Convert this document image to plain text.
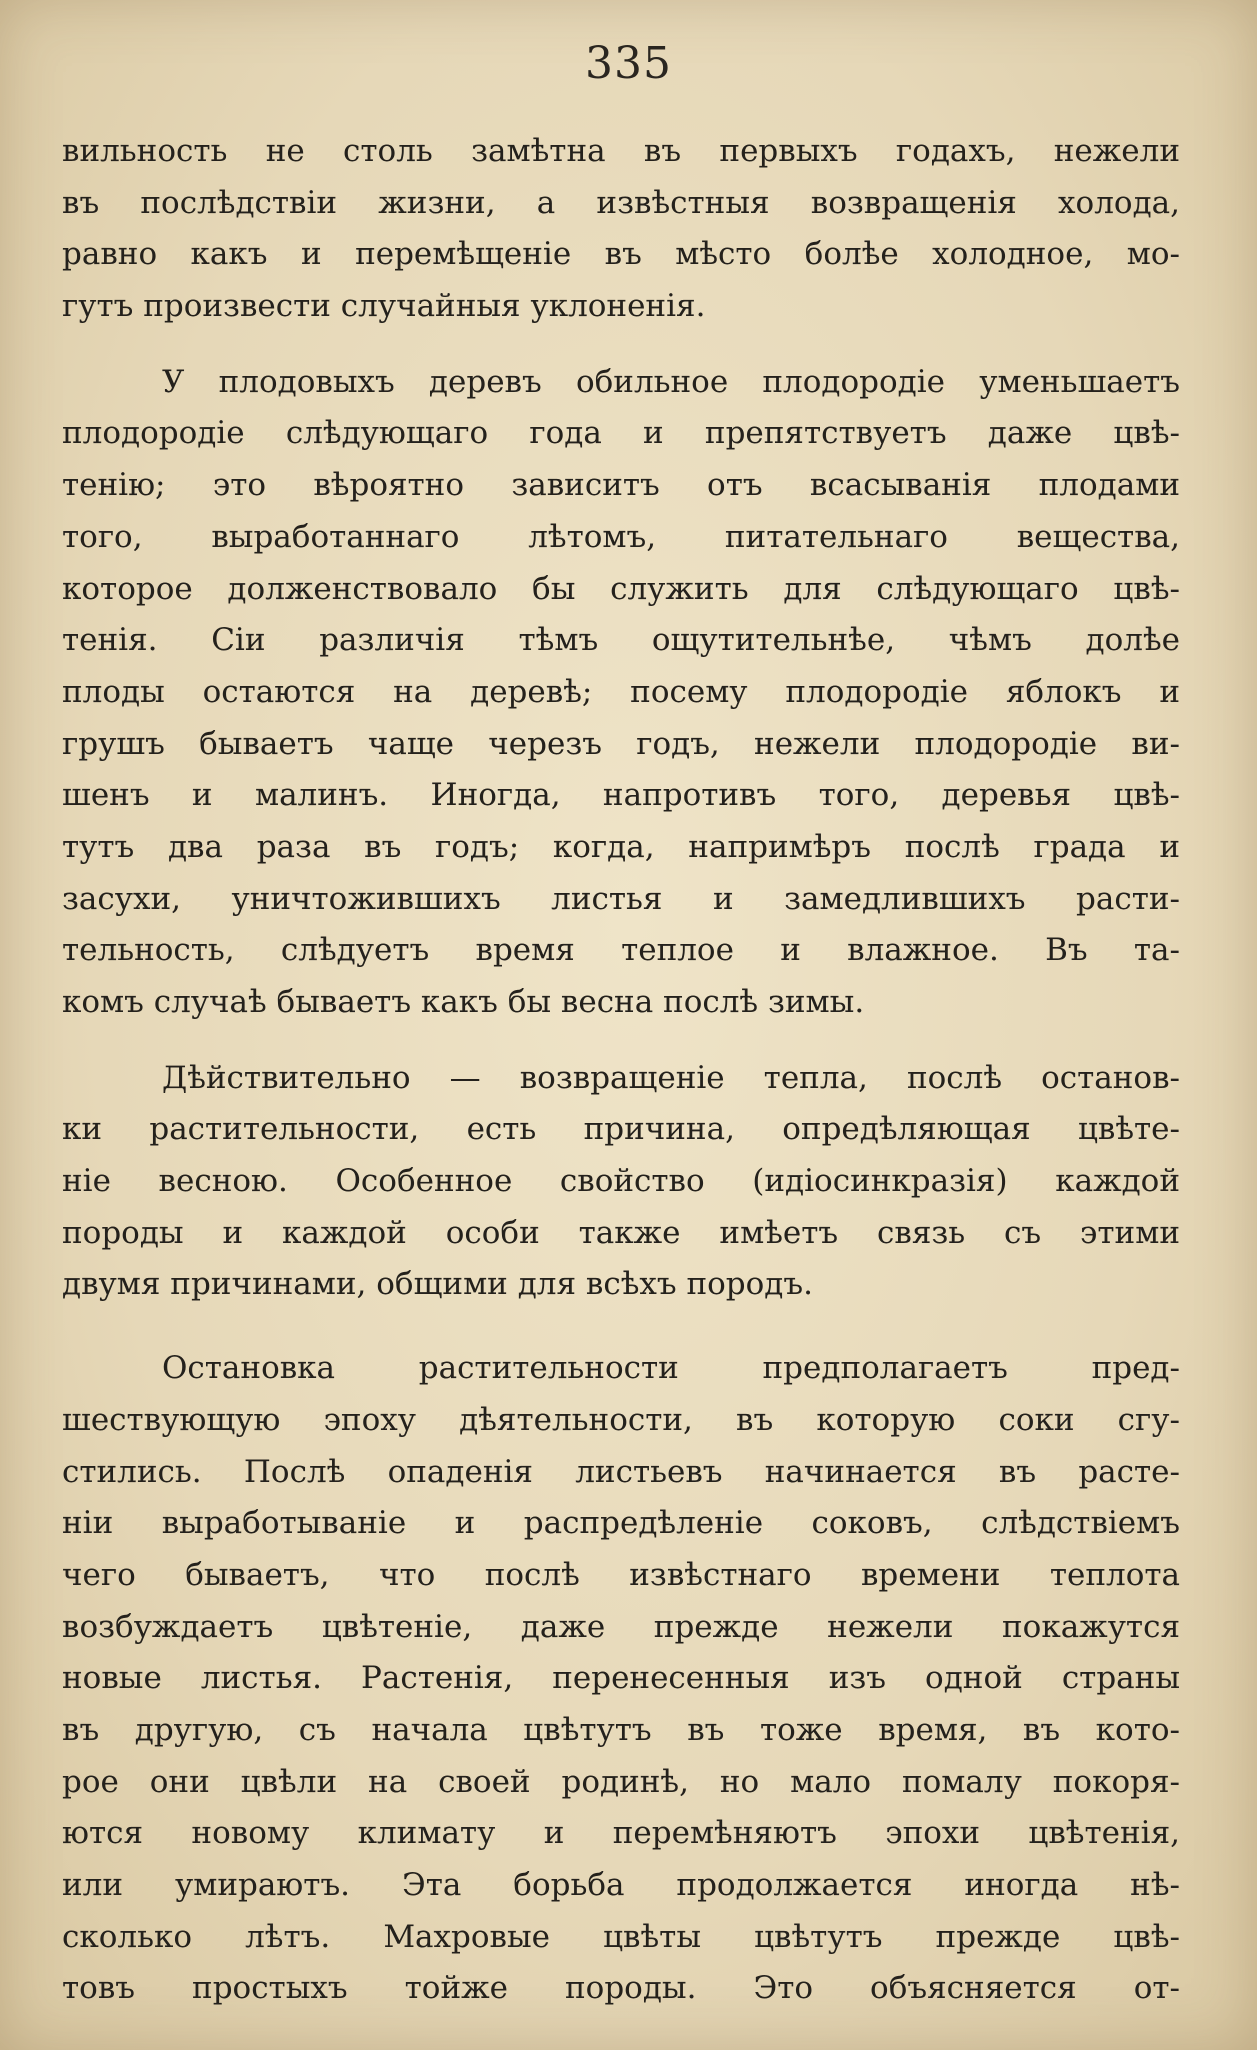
335
вильность не столь замѣтна въ первыхъ годахъ, нежели
въ послѣдствіи жизни, а извѣстныя возвращенія холода,
равно какъ и перемѣщеніе въ мѣсто болѣе холодное, мо-
гутъ произвести случайныя уклоненія.
У плодовыхъ деревъ обильное плодородіе уменьшаетъ
плодородіе слѣдующаго года и препятствуетъ даже цвѣ-
тенію; это вѣроятно зависитъ отъ всасыванія плодами
того, выработаннаго лѣтомъ, питательнаго вещества,
которое долженствовало бы служить для слѣдующаго цвѣ-
тенія. Сіи различія тѣмъ ощутительнѣе, чѣмъ долѣе
плоды остаются на деревѣ; посему плодородіе яблокъ и
грушъ бываетъ чаще черезъ годъ, нежели плодородіе ви-
шенъ и малинъ. Иногда, напротивъ того, деревья цвѣ-
тутъ два раза въ годъ; когда, напримѣръ послѣ града и
засухи, уничтожившихъ листья и замедлившихъ расти-
тельность, слѣдуетъ время теплое и влажное. Въ та-
комъ случаѣ бываетъ какъ бы весна послѣ зимы.
Дѣйствительно — возвращеніе тепла, послѣ останов-
ки растительности, есть причина, опредѣляющая цвѣте-
ніе весною. Особенное свойство (идіосинкразія) каждой
породы и каждой особи также имѣетъ связь съ этими
двумя причинами, общими для всѣхъ породъ.
Остановка растительности предполагаетъ пред-
шествующую эпоху дѣятельности, въ которую соки сгу-
стились. Послѣ опаденія листьевъ начинается въ расте-
ніи выработываніе и распредѣленіе соковъ, слѣдствіемъ
чего бываетъ, что послѣ извѣстнаго времени теплота
возбуждаетъ цвѣтеніе, даже прежде нежели покажутся
новые листья. Растенія, перенесенныя изъ одной страны
въ другую, съ начала цвѣтутъ въ тоже время, въ кото-
рое они цвѣли на своей родинѣ, но мало помалу покоря-
ются новому климату и перемѣняютъ эпохи цвѣтенія,
или умираютъ. Эта борьба продолжается иногда нѣ-
сколько лѣтъ. Махровые цвѣты цвѣтутъ прежде цвѣ-
товъ простыхъ тойже породы. Это объясняется от-
